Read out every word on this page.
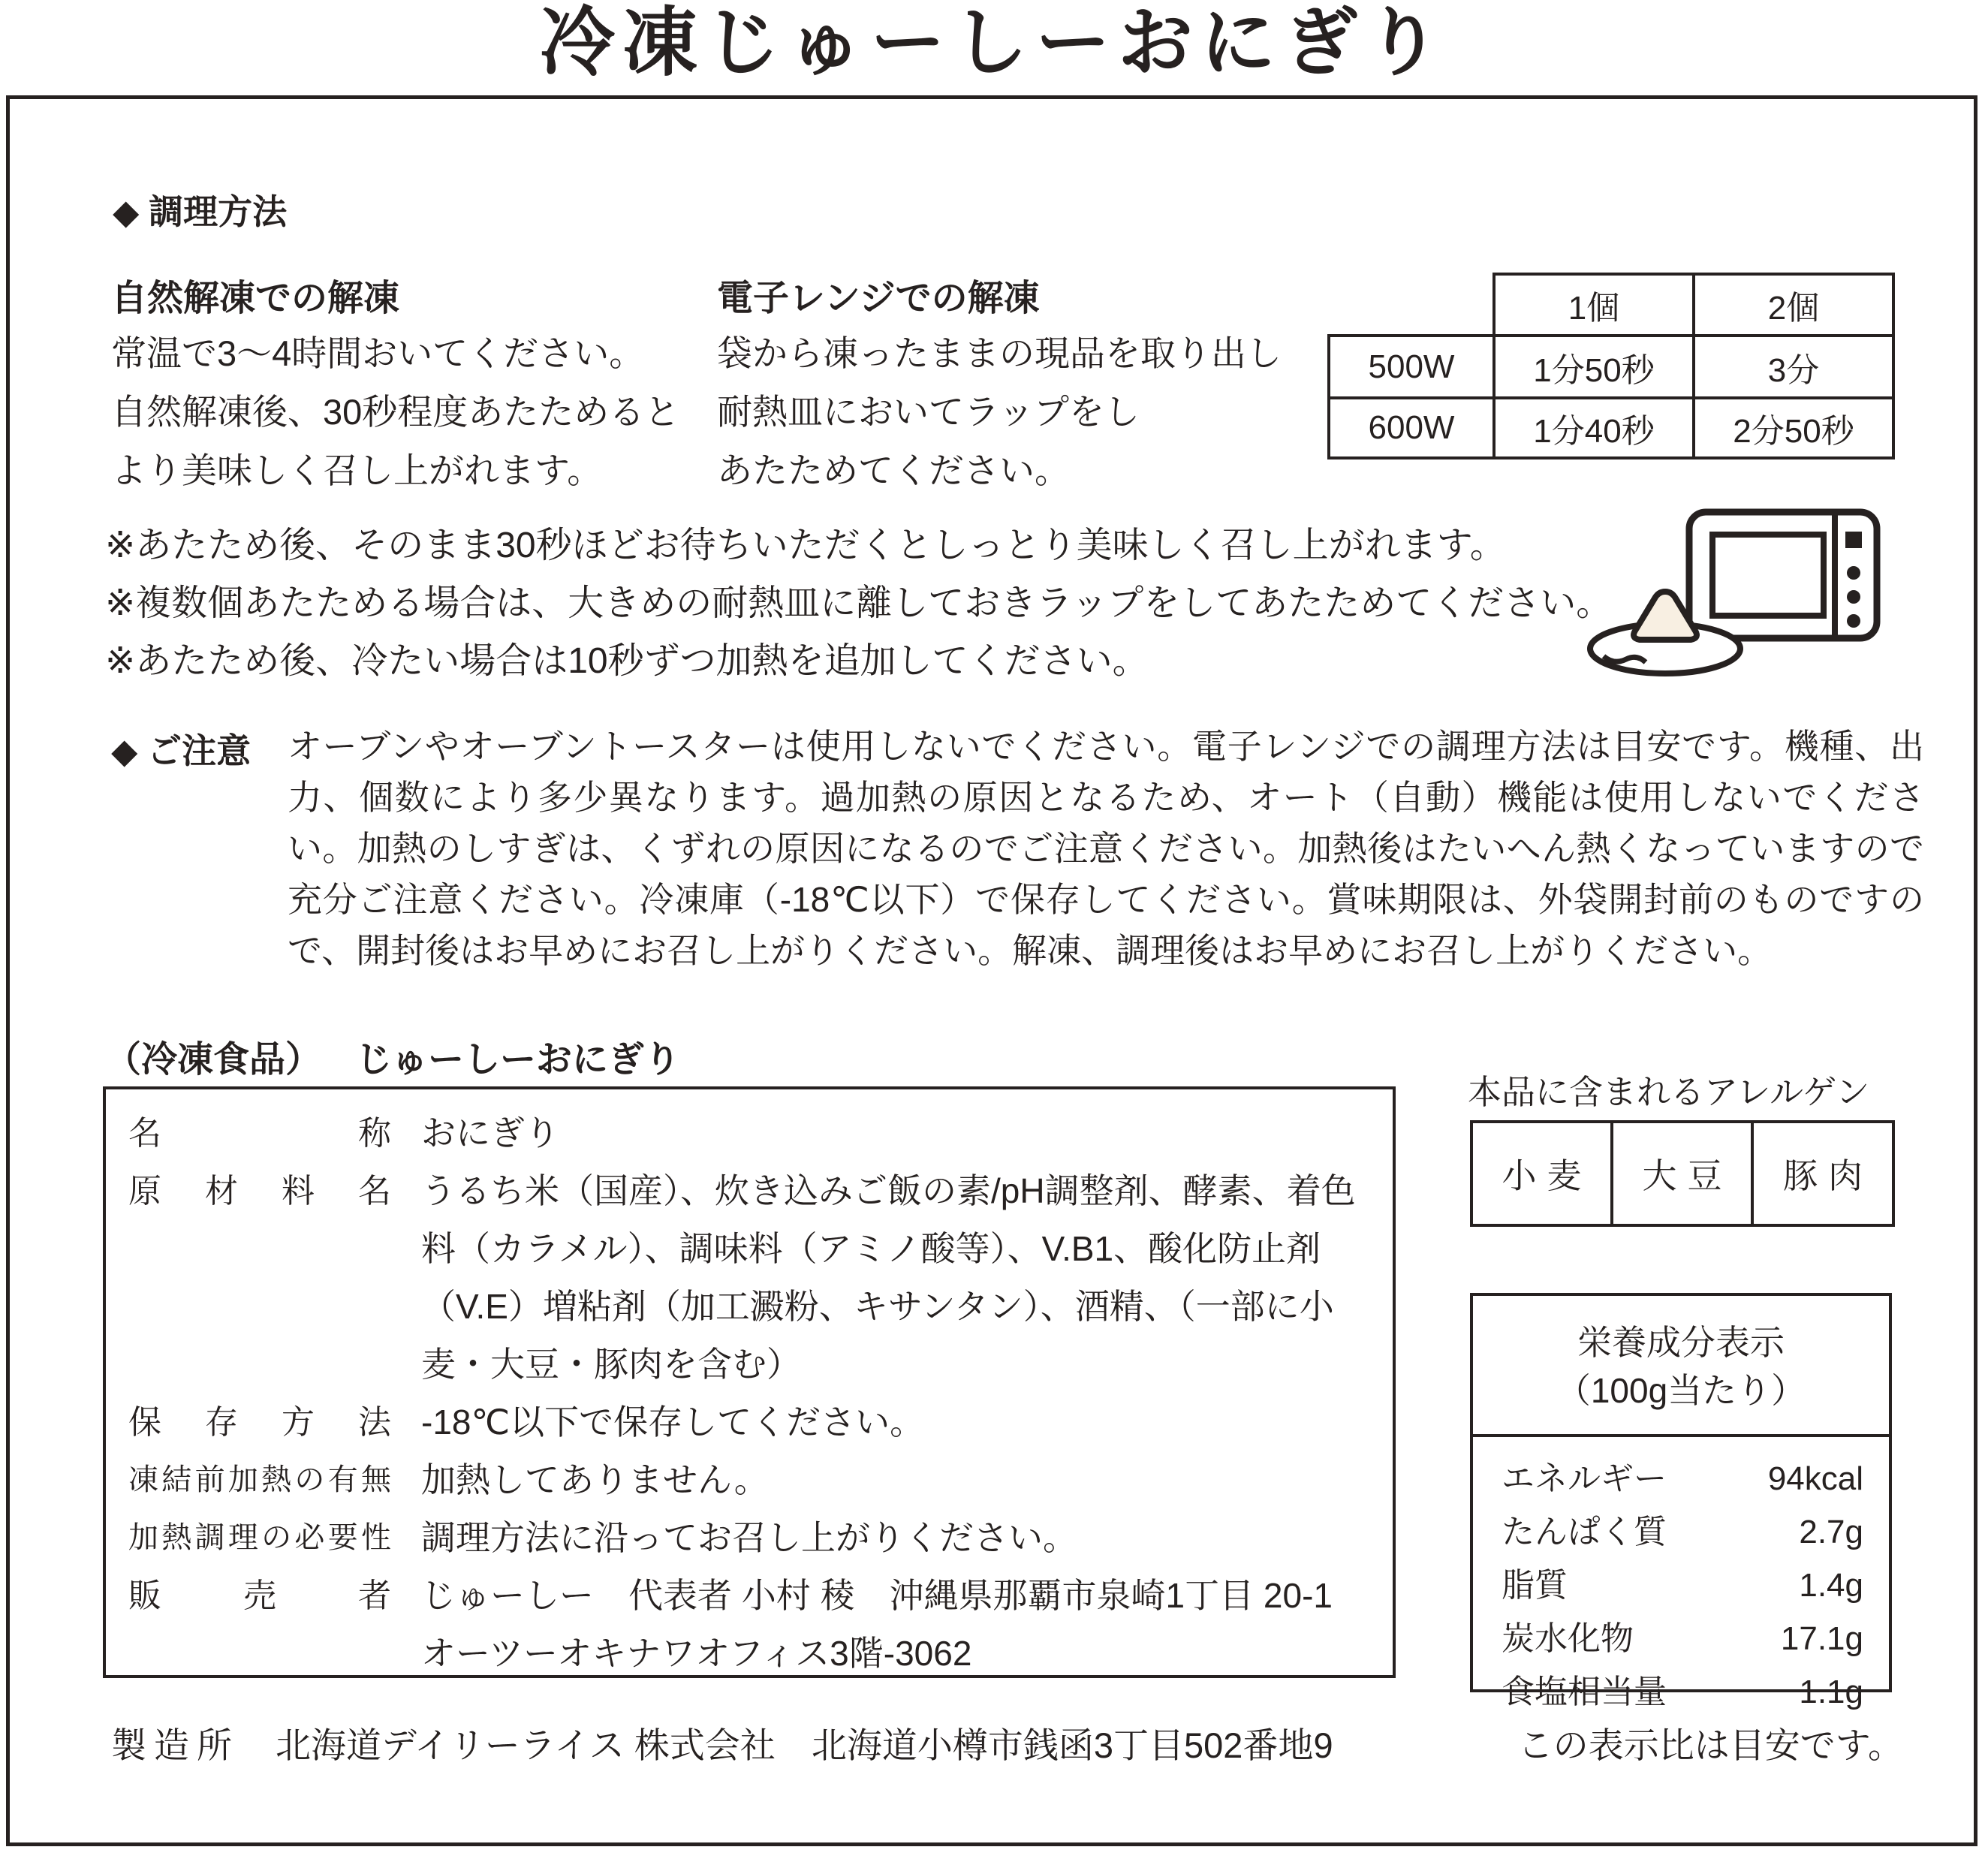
冷凍じゅーしーおにぎり
◆ 調理方法
自然解凍での解凍
常温で3〜4時間おいてください。
自然解凍後、30秒程度あたためると
より美味しく召し上がれます。
電子レンジでの解凍
袋から凍ったままの現品を取り出し
耐熱皿においてラップをし
あたためてください。
	1個	2個
500W	1分50秒	3分
600W	1分40秒	2分50秒
※あたため後、そのまま30秒ほどお待ちいただくとしっとり美味しく召し上がれます。
※複数個あたためる場合は、大きめの耐熱皿に離しておきラップをしてあたためてください。
※あたため後、冷たい場合は10秒ずつ加熱を追加してください。
◆ ご注意 オーブンやオーブントースターは使用しないでください。電子レンジでの調理方法は目安です。機種、出力、個数により多少異なります。過加熱の原因となるため、オート（自動）機能は使用しないでください。加熱のしすぎは、くずれの原因になるのでご注意ください。加熱後はたいへん熱くなっていますので充分ご注意ください。冷凍庫（-18℃以下）で保存してください。賞味期限は、外袋開封前のものですので、開封後はお早めにお召し上がりください。解凍、調理後はお早めにお召し上がりください。
（冷凍食品） じゅーしーおにぎり
名称 おにぎり
原材料名 うるち米（国産）、炊き込みご飯の素/pH調整剤、酵素、着色料（カラメル）、調味料（アミノ酸等）、V.B1、酸化防止剤（V.E）増粘剤（加工澱粉、キサンタン）、酒精、（一部に小麦・大豆・豚肉を含む）
保存方法 -18℃以下で保存してください。
凍結前加熱の有無 加熱してありません。
加熱調理の必要性 調理方法に沿ってお召し上がりください。
販売者 じゅーしー　代表者 小村 稜　沖縄県那覇市泉崎1丁目 20-1
オーツーオキナワオフィス3階-3062
本品に含まれるアレルゲン
小麦	大豆	豚肉
栄養成分表示
（100g当たり）
エネルギー	94kcal
たんぱく質	2.7g
脂質	1.4g
炭水化物	17.1g
食塩相当量	1.1g
この表示比は目安です。
製造所 北海道デイリーライス 株式会社 北海道小樽市銭函3丁目502番地9
